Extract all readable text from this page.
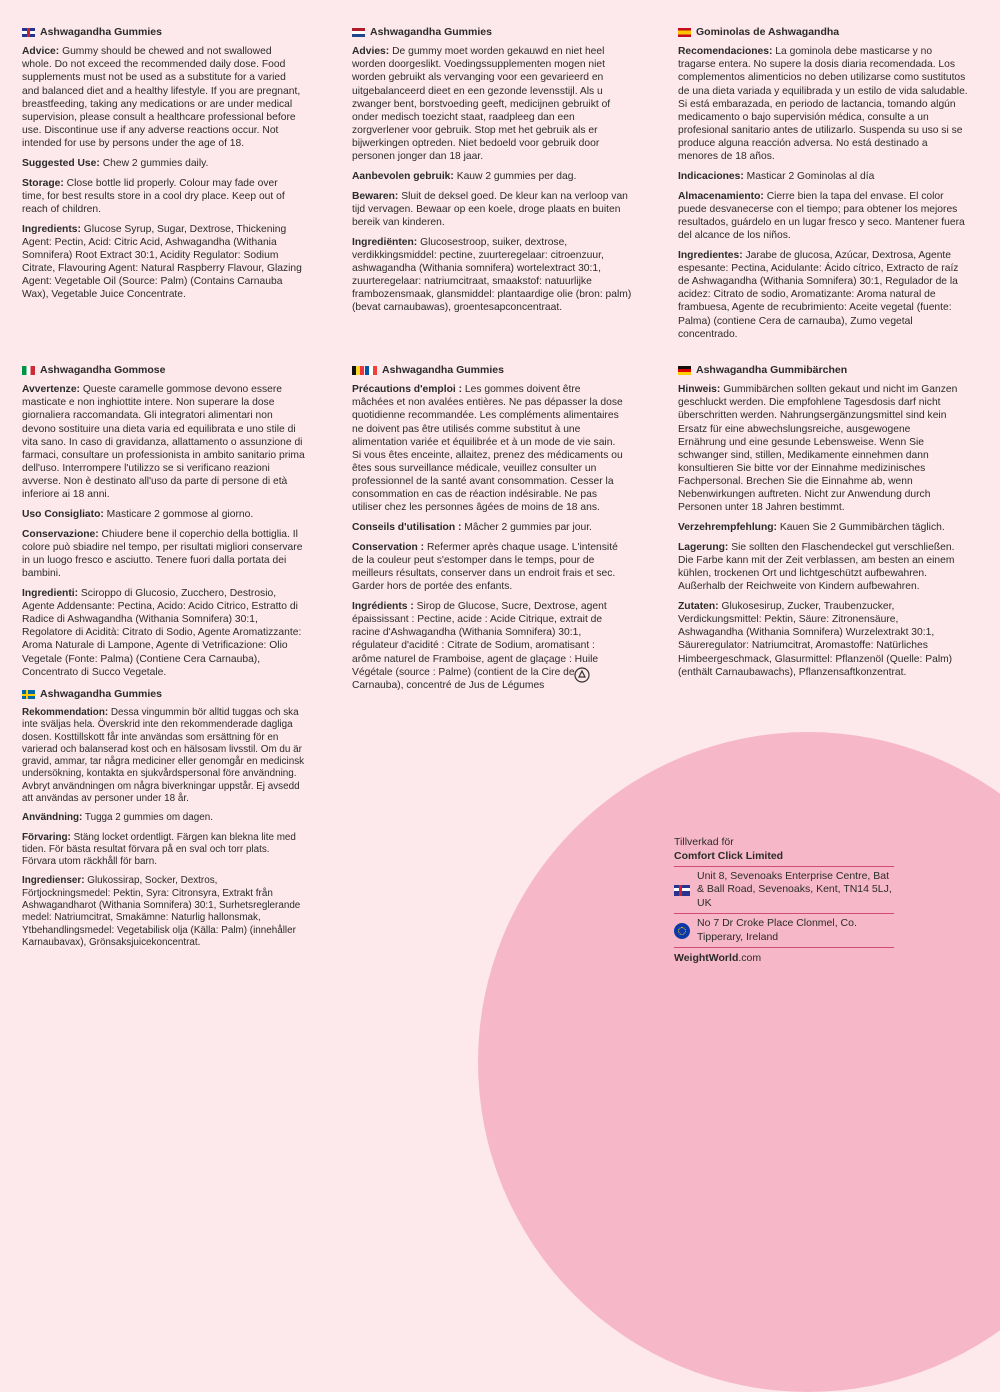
Ashwagandha Gummies

Advice: Gummy should be chewed and not swallowed whole. Do not exceed the recommended daily dose. Food supplements must not be used as a substitute for a varied and balanced diet and a healthy lifestyle. If you are pregnant, breastfeeding, taking any medications or are under medical supervision, please consult a healthcare professional before use. Discontinue use if any adverse reactions occur. Not intended for use by persons under the age of 18.

Suggested Use: Chew 2 gummies daily.

Storage: Close bottle lid properly. Colour may fade over time, for best results store in a cool dry place. Keep out of reach of children.

Ingredients: Glucose Syrup, Sugar, Dextrose, Thickening Agent: Pectin, Acid: Citric Acid, Ashwagandha (Withania Somnifera) Root Extract 30:1, Acidity Regulator: Sodium Citrate, Flavouring Agent: Natural Raspberry Flavour, Glazing Agent: Vegetable Oil (Source: Palm) (Contains Carnauba Wax), Vegetable Juice Concentrate.

Ashwagandha Gummies

Advies: De gummy moet worden gekauwd en niet heel worden doorgeslikt. Voedingssupplementen mogen niet worden gebruikt als vervanging voor een gevarieerd en uitgebalanceerd dieet en een gezonde levensstijl. Als u zwanger bent, borstvoeding geeft, medicijnen gebruikt of onder medisch toezicht staat, raadpleeg dan een zorgverlener voor gebruik. Stop met het gebruik als er bijwerkingen optreden. Niet bedoeld voor gebruik door personen jonger dan 18 jaar.

Aanbevolen gebruik: Kauw 2 gummies per dag.

Bewaren: Sluit de deksel goed. De kleur kan na verloop van tijd vervagen. Bewaar op een koele, droge plaats en buiten bereik van kinderen.

Ingrediënten: Glucosestroop, suiker, dextrose, verdikkingsmiddel: pectine, zuurteregelaar: citroenzuur, ashwagandha (Withania somnifera) wortelextract 30:1, zuurteregelaar: natriumcitraat, smaakstof: natuurlijke frambozensmaak, glansmiddel: plantaardige olie (bron: palm) (bevat carnaubawas), groentesapconcentraat.

Gominolas de Ashwagandha

Recomendaciones: La gominola debe masticarse y no tragarse entera. No supere la dosis diaria recomendada. Los complementos alimenticios no deben utilizarse como sustitutos de una dieta variada y equilibrada y un estilo de vida saludable. Si está embarazada, en periodo de lactancia, tomando algún medicamento o bajo supervisión médica, consulte a un profesional sanitario antes de utilizarlo. Suspenda su uso si se produce alguna reacción adversa. No está destinado a menores de 18 años.

Indicaciones: Masticar 2 Gominolas al día

Almacenamiento: Cierre bien la tapa del envase. El color puede desvanecerse con el tiempo; para obtener los mejores resultados, guárdelo en un lugar fresco y seco. Mantener fuera del alcance de los niños.

Ingredientes: Jarabe de glucosa, Azúcar, Dextrosa, Agente espesante: Pectina, Acidulante: Ácido cítrico, Extracto de raíz de Ashwagandha (Withania Somnifera) 30:1, Regulador de la acidez: Citrato de sodio, Aromatizante: Aroma natural de frambuesa, Agente de recubrimiento: Aceite vegetal (fuente: Palma) (contiene Cera de carnauba), Zumo vegetal concentrado.

Ashwagandha Gommose

Avvertenze: Queste caramelle gommose devono essere masticate e non inghiottite intere. Non superare la dose giornaliera raccomandata. Gli integratori alimentari non devono sostituire una dieta varia ed equilibrata e uno stile di vita sano. In caso di gravidanza, allattamento o assunzione di farmaci, consultare un professionista in ambito sanitario prima dell'uso. Interrompere l'utilizzo se si verificano reazioni avverse. Non è destinato all'uso da parte di persone di età inferiore ai 18 anni.

Uso Consigliato: Masticare 2 gommose al giorno.

Conservazione: Chiudere bene il coperchio della bottiglia. Il colore può sbiadire nel tempo, per risultati migliori conservare in un luogo fresco e asciutto. Tenere fuori dalla portata dei bambini.

Ingredienti: Sciroppo di Glucosio, Zucchero, Destrosio, Agente Addensante: Pectina, Acido: Acido Citrico, Estratto di Radice di Ashwagandha (Withania Somnifera) 30:1, Regolatore di Acidità: Citrato di Sodio, Agente Aromatizzante: Aroma Naturale di Lampone, Agente di Vetrificazione: Olio Vegetale (Fonte: Palma) (Contiene Cera Carnauba), Concentrato di Succo Vegetale.

Ashwagandha Gummies

Précautions d'emploi : Les gommes doivent être mâchées et non avalées entières. Ne pas dépasser la dose quotidienne recommandée. Les compléments alimentaires ne doivent pas être utilisés comme substitut à une alimentation variée et équilibrée et à un mode de vie sain. Si vous êtes enceinte, allaitez, prenez des médicaments ou êtes sous surveillance médicale, veuillez consulter un professionnel de la santé avant consommation. Cesser la consommation en cas de réaction indésirable. Ne pas utiliser chez les personnes âgées de moins de 18 ans.

Conseils d'utilisation : Mâcher 2 gummies par jour.

Conservation : Refermer après chaque usage. L'intensité de la couleur peut s'estomper dans le temps, pour de meilleurs résultats, conserver dans un endroit frais et sec. Garder hors de portée des enfants.

Ingrédients : Sirop de Glucose, Sucre, Dextrose, agent épaississant : Pectine, acide : Acide Citrique, extrait de racine d'Ashwagandha (Withania Somnifera) 30:1, régulateur d'acidité : Citrate de Sodium, aromatisant : arôme naturel de Framboise, agent de glaçage : Huile Végétale (source : Palme) (contient de la Cire de Carnauba), concentré de Jus de Légumes

Ashwagandha Gummibärchen

Hinweis: Gummibärchen sollten gekaut und nicht im Ganzen geschluckt werden. Die empfohlene Tagesdosis darf nicht überschritten werden. Nahrungsergänzungsmittel sind kein Ersatz für eine abwechslungsreiche, ausgewogene Ernährung und eine gesunde Lebensweise. Wenn Sie schwanger sind, stillen, Medikamente einnehmen dann konsultieren Sie bitte vor der Einnahme medizinisches Fachpersonal. Brechen Sie die Einnahme ab, wenn Nebenwirkungen auftreten. Nicht zur Anwendung durch Personen unter 18 Jahren bestimmt.

Verzehrempfehlung: Kauen Sie 2 Gummibärchen täglich.

Lagerung: Sie sollten den Flaschendeckel gut verschließen. Die Farbe kann mit der Zeit verblassen, am besten an einem kühlen, trockenen Ort und lichtgeschützt aufbewahren. Außerhalb der Reichweite von Kindern aufbewahren.

Zutaten: Glukosesirup, Zucker, Traubenzucker, Verdickungsmittel: Pektin, Säure: Zitronensäure, Ashwagandha (Withania Somnifera) Wurzelextrakt 30:1, Säureregulator: Natriumcitrat, Aromastoffe: Natürliches Himbeergeschmack, Glasurmittel: Pflanzenöl (Quelle: Palm) (enthält Carnaubawachs), Pflanzensaftkonzentrat.

Ashwagandha Gummies

Rekommendation: Dessa vingummin bör alltid tuggas och ska inte sväljas hela. Överskrid inte den rekommenderade dagliga dosen. Kosttillskott får inte användas som ersättning för en varierad och balanserad kost och en hälsosam livsstil. Om du är gravid, ammar, tar några mediciner eller genomgår en medicinsk undersökning, kontakta en sjukvårdspersonal före användning. Avbryt användningen om några biverkningar uppstår. Ej avsedd att användas av personer under 18 år.

Användning: Tugga 2 gummies om dagen.

Förvaring: Stäng locket ordentligt. Färgen kan blekna lite med tiden. För bästa resultat förvara på en sval och torr plats. Förvara utom räckhåll för barn.

Ingredienser: Glukossirap, Socker, Dextros, Förtjockningsmedel: Pektin, Syra: Citronsyra, Extrakt från Ashwagandharot (Withania Somnifera) 30:1, Surhetsreglerande medel: Natriumcitrat, Smakämne: Naturlig hallonsmak, Ytbehandlingsmedel: Vegetabilisk olja (Källa: Palm) (innehåller Karnaubavax), Grönsaksjuicekoncentrat.

Tillverkad för
Comfort Click Limited
Unit 8, Sevenoaks Enterprise Centre, Bat & Ball Road, Sevenoaks, Kent, TN14 5LJ, UK
No 7 Dr Croke Place Clonmel, Co. Tipperary, Ireland
WeightWorld.com
